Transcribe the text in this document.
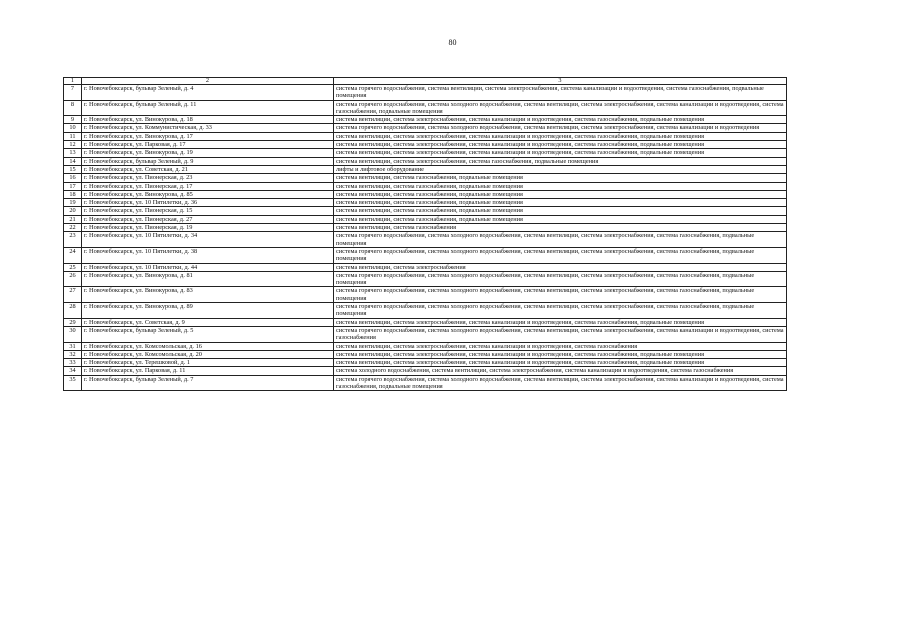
80
1	2	3
7	г. Новочебоксарск, бульвар Зеленый, д. 4	система горячего водоснабжения, система вентиляции, система электроснабжения, система канализации и водоотведения, система газоснабжения, подвальные помещения
8	г. Новочебоксарск, бульвар Зеленый, д. 11	система горячего водоснабжения, система холодного водоснабжения, система вентиляции, система электроснабжения, система канализации и водоотведения, система газоснабжения, подвальные помещения
9	г. Новочебоксарск, ул. Винокурова, д. 18	система вентиляции, система электроснабжения, система канализации и водоотведения, система газоснабжения, подвальные помещения
10	г. Новочебоксарск, ул. Коммунистическая, д. 33	система горячего водоснабжения, система холодного водоснабжения, система вентиляции, система электроснабжения, система канализации и водоотведения
11	г. Новочебоксарск, ул. Винокурова, д. 17	система вентиляции, система электроснабжения, система канализации и водоотведения, система газоснабжения, подвальные помещения
12	г. Новочебоксарск, ул. Парковая, д. 17	система вентиляции, система электроснабжения, система канализации и водоотведения, система газоснабжения, подвальные помещения
13	г. Новочебоксарск, ул. Винокурова, д. 19	система вентиляции, система электроснабжения, система канализации и водоотведения, система газоснабжения, подвальные помещения
14	г. Новочебоксарск, бульвар Зеленый, д. 9	система вентиляции, система электроснабжения, система газоснабжения, подвальные помещения
15	г. Новочебоксарск, ул. Советская, д. 21	лифты и лифтовое оборудование
16	г. Новочебоксарск, ул. Пионерская, д. 23	система вентиляции, система газоснабжения, подвальные помещения
17	г. Новочебоксарск, ул. Пионерская, д. 17	система вентиляции, система газоснабжения, подвальные помещения
18	г. Новочебоксарск, ул. Винокурова, д. 85	система вентиляции, система газоснабжения, подвальные помещения
19	г. Новочебоксарск, ул. 10 Пятилетки, д. 36	система вентиляции, система газоснабжения, подвальные помещения
20	г. Новочебоксарск, ул. Пионерская, д. 15	система вентиляции, система газоснабжения, подвальные помещения
21	г. Новочебоксарск, ул. Пионерская, д. 27	система вентиляции, система газоснабжения, подвальные помещения
22	г. Новочебоксарск, ул. Пионерская, д. 19	система вентиляции, система газоснабжения
23	г. Новочебоксарск, ул. 10 Пятилетки, д. 34	система горячего водоснабжения, система холодного водоснабжения, система вентиляции, система электроснабжения, система газоснабжения, подвальные помещения
24	г. Новочебоксарск, ул. 10 Пятилетки, д. 38	система горячего водоснабжения, система холодного водоснабжения, система вентиляции, система электроснабжения, система газоснабжения, подвальные помещения
25	г. Новочебоксарск, ул. 10 Пятилетки, д. 44	система вентиляции, система электроснабжения
26	г. Новочебоксарск, ул. Винокурова, д. 81	система горячего водоснабжения, система холодного водоснабжения, система вентиляции, система электроснабжения, система газоснабжения, подвальные помещения
27	г. Новочебоксарск, ул. Винокурова, д. 83	система горячего водоснабжения, система холодного водоснабжения, система вентиляции, система электроснабжения, система газоснабжения, подвальные помещения
28	г. Новочебоксарск, ул. Винокурова, д. 89	система горячего водоснабжения, система холодного водоснабжения, система вентиляции, система электроснабжения, система газоснабжения, подвальные помещения
29	г. Новочебоксарск, ул. Советская, д. 9	система вентиляции, система электроснабжения, система канализации и водоотведения, система газоснабжения, подвальные помещения
30	г. Новочебоксарск, бульвар Зеленый, д. 5	система горячего водоснабжения, система холодного водоснабжения, система вентиляции, система электроснабжения, система канализации и водоотведения, система газоснабжения
31	г. Новочебоксарск, ул. Комсомольская, д. 16	система вентиляции, система электроснабжения, система канализации и водоотведения, система газоснабжения
32	г. Новочебоксарск, ул. Комсомольская, д. 20	система вентиляции, система электроснабжения, система канализации и водоотведения, система газоснабжения, подвальные помещения
33	г. Новочебоксарск, ул. Терешковой, д. 1	система вентиляции, система электроснабжения, система канализации и водоотведения, система газоснабжения, подвальные помещения
34	г. Новочебоксарск, ул. Парковая, д. 11	система холодного водоснабжения, система вентиляции, система электроснабжения, система канализации и водоотведения, система газоснабжения
35	г. Новочебоксарск, бульвар Зеленый, д. 7	система горячего водоснабжения, система холодного водоснабжения, система вентиляции, система электроснабжения, система канализации и водоотведения, система газоснабжения, подвальные помещения
